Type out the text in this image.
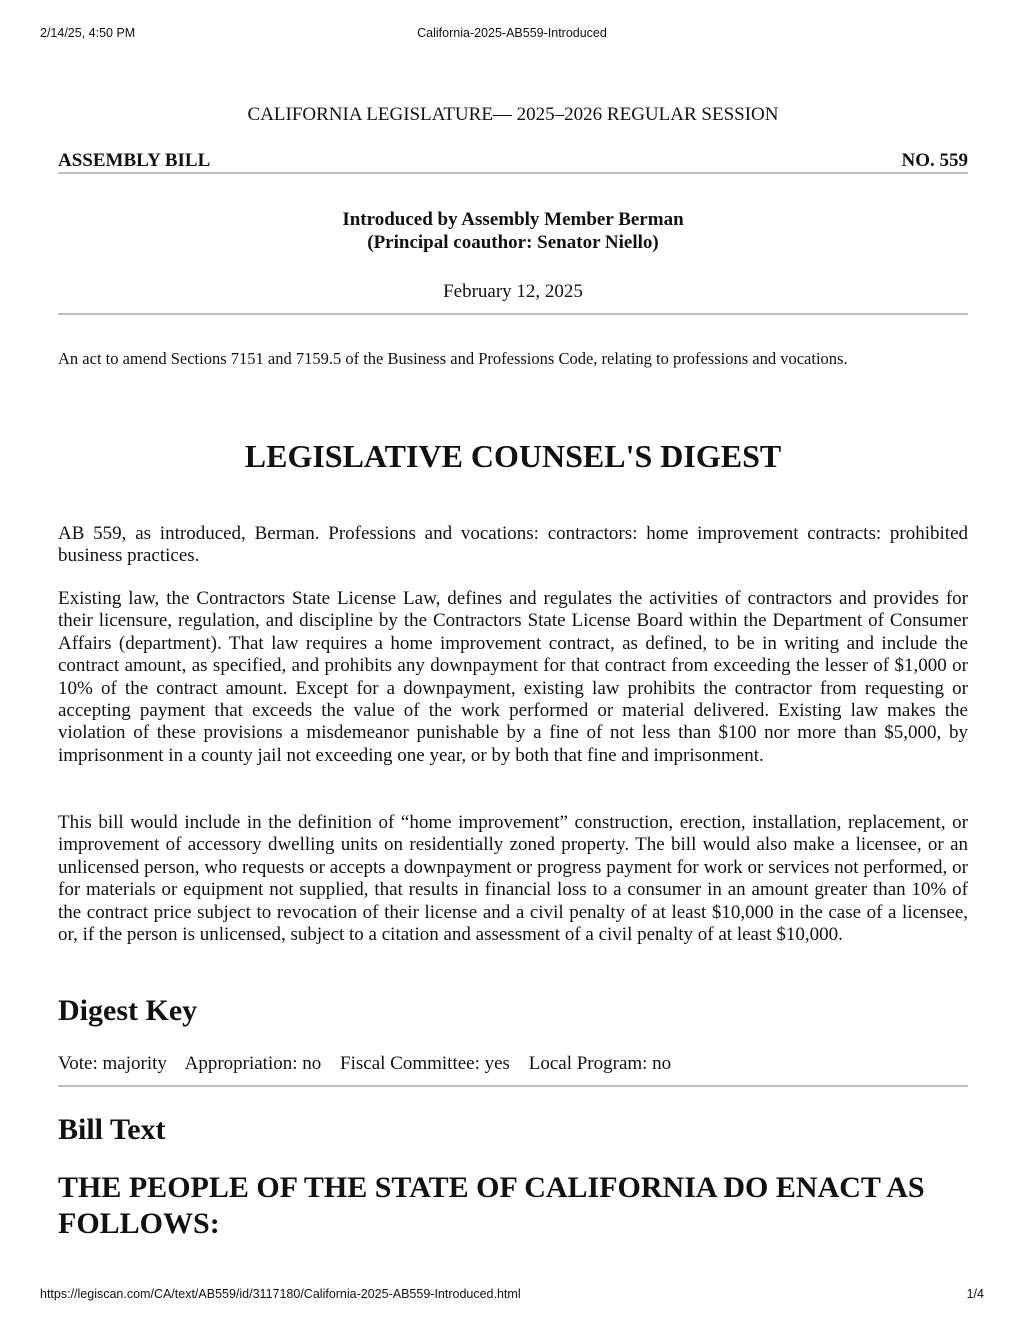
2/14/25, 4:50 PM	California-2025-AB559-Introduced
CALIFORNIA LEGISLATURE— 2025–2026 REGULAR SESSION
ASSEMBLY BILL	NO. 559
Introduced by Assembly Member Berman
(Principal coauthor: Senator Niello)
February 12, 2025
An act to amend Sections 7151 and 7159.5 of the Business and Professions Code, relating to professions and vocations.
LEGISLATIVE COUNSEL'S DIGEST

AB 559, as introduced, Berman. Professions and vocations: contractors: home improvement contracts: prohibited business practices.

Existing law, the Contractors State License Law, defines and regulates the activities of contractors and provides for their licensure, regulation, and discipline by the Contractors State License Board within the Department of Consumer Affairs (department). That law requires a home improvement contract, as defined, to be in writing and include the contract amount, as specified, and prohibits any downpayment for that contract from exceeding the lesser of $1,000 or 10% of the contract amount. Except for a downpayment, existing law prohibits the contractor from requesting or accepting payment that exceeds the value of the work performed or material delivered. Existing law makes the violation of these provisions a misdemeanor punishable by a fine of not less than $100 nor more than $5,000, by imprisonment in a county jail not exceeding one year, or by both that fine and imprisonment.

This bill would include in the definition of “home improvement” construction, erection, installation, replacement, or improvement of accessory dwelling units on residentially zoned property. The bill would also make a licensee, or an unlicensed person, who requests or accepts a downpayment or progress payment for work or services not performed, or for materials or equipment not supplied, that results in financial loss to a consumer in an amount greater than 10% of the contract price subject to revocation of their license and a civil penalty of at least $10,000 in the case of a licensee, or, if the person is unlicensed, subject to a citation and assessment of a civil penalty of at least $10,000.

Digest Key
Vote: majority Appropriation: no Fiscal Committee: yes Local Program: no
Bill Text
THE PEOPLE OF THE STATE OF CALIFORNIA DO ENACT AS FOLLOWS:
https://legiscan.com/CA/text/AB559/id/3117180/California-2025-AB559-Introduced.html	1/4
